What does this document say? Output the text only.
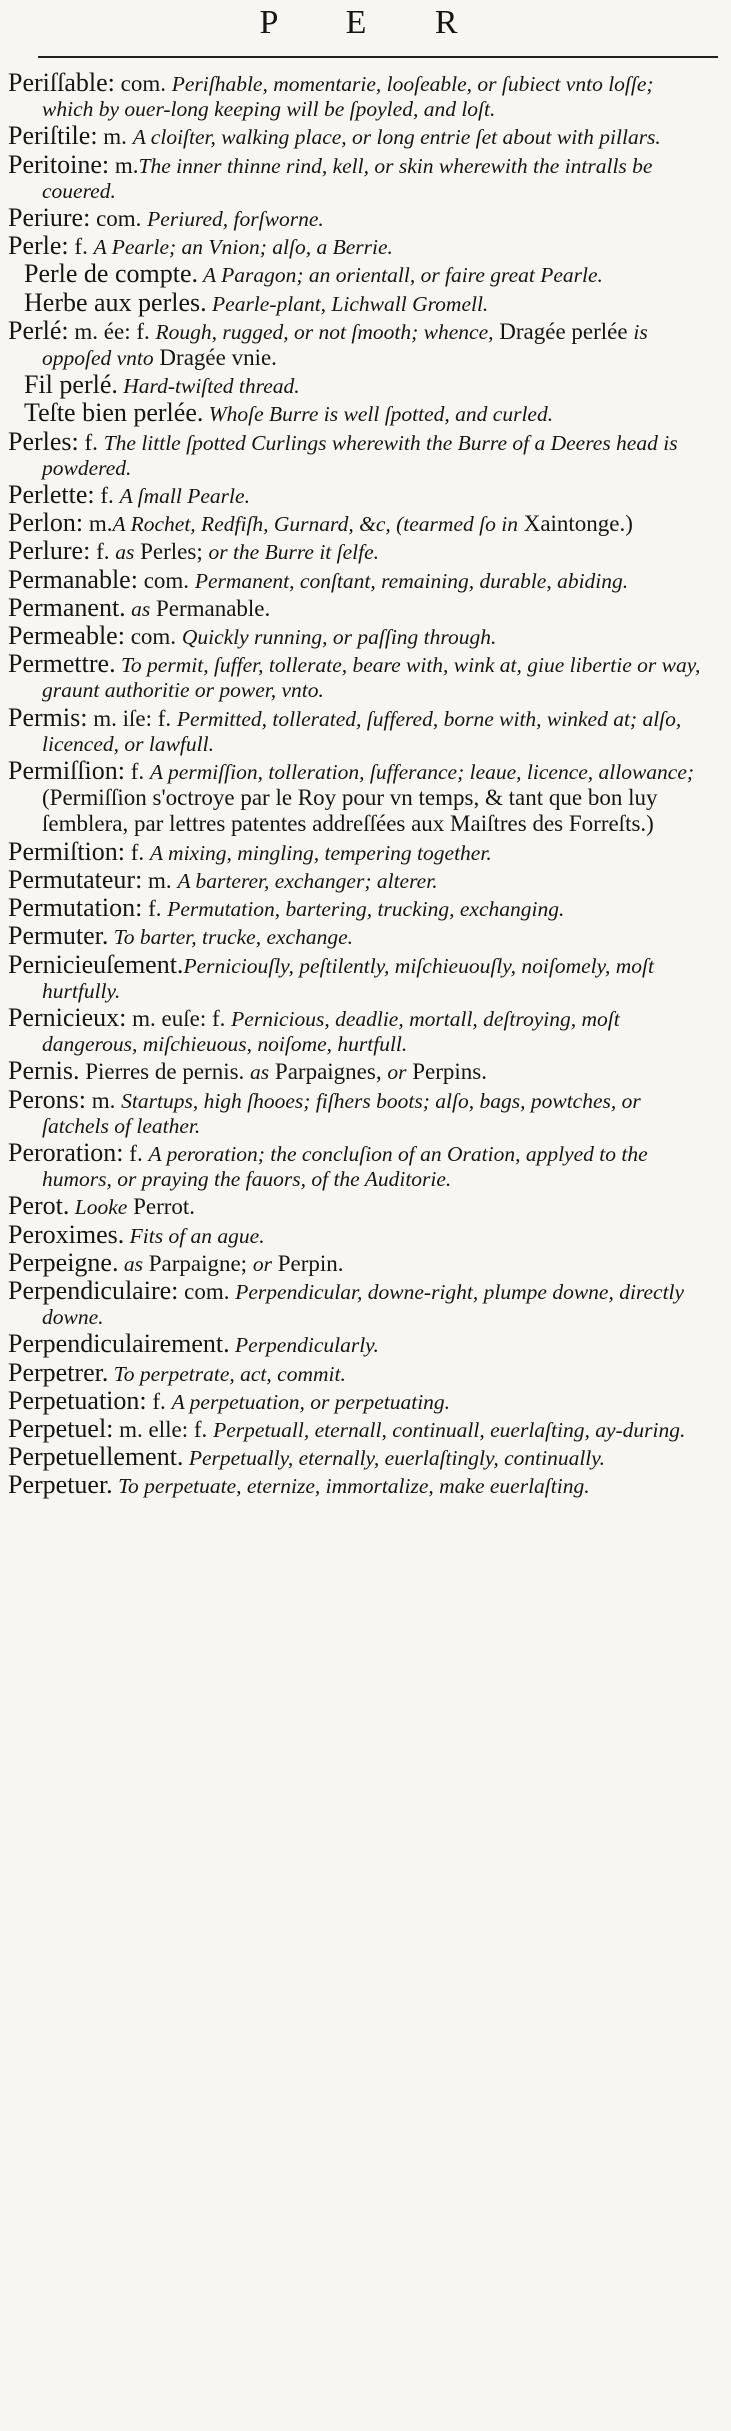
P E R

Periſſable: com. Periſhable, momentarie, looſeable, or ſubiect vnto loſſe; which by ouer-long keeping will be ſpoyled, and loſt.

Periſtile: m. A cloiſter, walking place, or long entrie ſet about with pillars.

Peritoine: m.The inner thinne rind, kell, or skin wherewith the intralls be couered.

Periure: com. Periured, forſworne.

Perle: f. A Pearle; an Vnion; alſo, a Berrie.

Perle de compte. A Paragon; an orientall, or faire great Pearle.

Herbe aux perles. Pearle-plant, Lichwall Gromell.

Perlé: m. ée: f. Rough, rugged, or not ſmooth; whence, Dragée perlée is oppoſed vnto Dragée vnie.

Fil perlé. Hard-twiſted thread.

Teſte bien perlée. Whoſe Burre is well ſpotted, and curled.

Perles: f. The little ſpotted Curlings wherewith the Burre of a Deeres head is powdered.

Perlette: f. A ſmall Pearle.

Perlon: m.A Rochet, Redfiſh, Gurnard, &c, (tearmed ſo in Xaintonge.)

Perlure: f. as Perles; or the Burre it ſelfe.

Permanable: com. Permanent, conſtant, remaining, durable, abiding.

Permanent. as Permanable.

Permeable: com. Quickly running, or paſſing through.

Permettre. To permit, ſuffer, tollerate, beare with, wink at, giue libertie or way, graunt authoritie or power, vnto.

Permis: m. iſe: f. Permitted, tollerated, ſuffered, borne with, winked at; alſo, licenced, or lawfull.

Permiſſion: f. A permiſſion, tolleration, ſufferance; leaue, licence, allowance; (Permiſſion s'octroye par le Roy pour vn temps, & tant que bon luy ſemblera, par lettres patentes addreſſées aux Maiſtres des Forreſts.)

Permiſtion: f. A mixing, mingling, tempering together.

Permutateur: m. A barterer, exchanger; alterer.

Permutation: f. Permutation, bartering, trucking, exchanging.

Permuter. To barter, trucke, exchange.

Pernicieuſement.Perniciouſly, peſtilently, miſchieuouſly, noiſomely, moſt hurtfully.

Pernicieux: m. euſe: f. Pernicious, deadlie, mortall, deſtroying, moſt dangerous, miſchieuous, noiſome, hurtfull.

Pernis. Pierres de pernis. as Parpaignes, or Perpins.

Perons: m. Startups, high ſhooes; fiſhers boots; alſo, bags, powtches, or ſatchels of leather.

Peroration: f. A peroration; the concluſion of an Oration, applyed to the humors, or praying the fauors, of the Auditorie.

Perot. Looke Perrot.

Peroximes. Fits of an ague.

Perpeigne. as Parpaigne; or Perpin.

Perpendiculaire: com. Perpendicular, downe-right, plumpe downe, directly downe.

Perpendiculairement. Perpendicularly.

Perpetrer. To perpetrate, act, commit.

Perpetuation: f. A perpetuation, or perpetuating.

Perpetuel: m. elle: f. Perpetuall, eternall, continuall, euerlaſting, ay-during.

Perpetuellement. Perpetually, eternally, euerlaſtingly, continually.

Perpetuer. To perpetuate, eternize, immortalize, make euerlaſting.
